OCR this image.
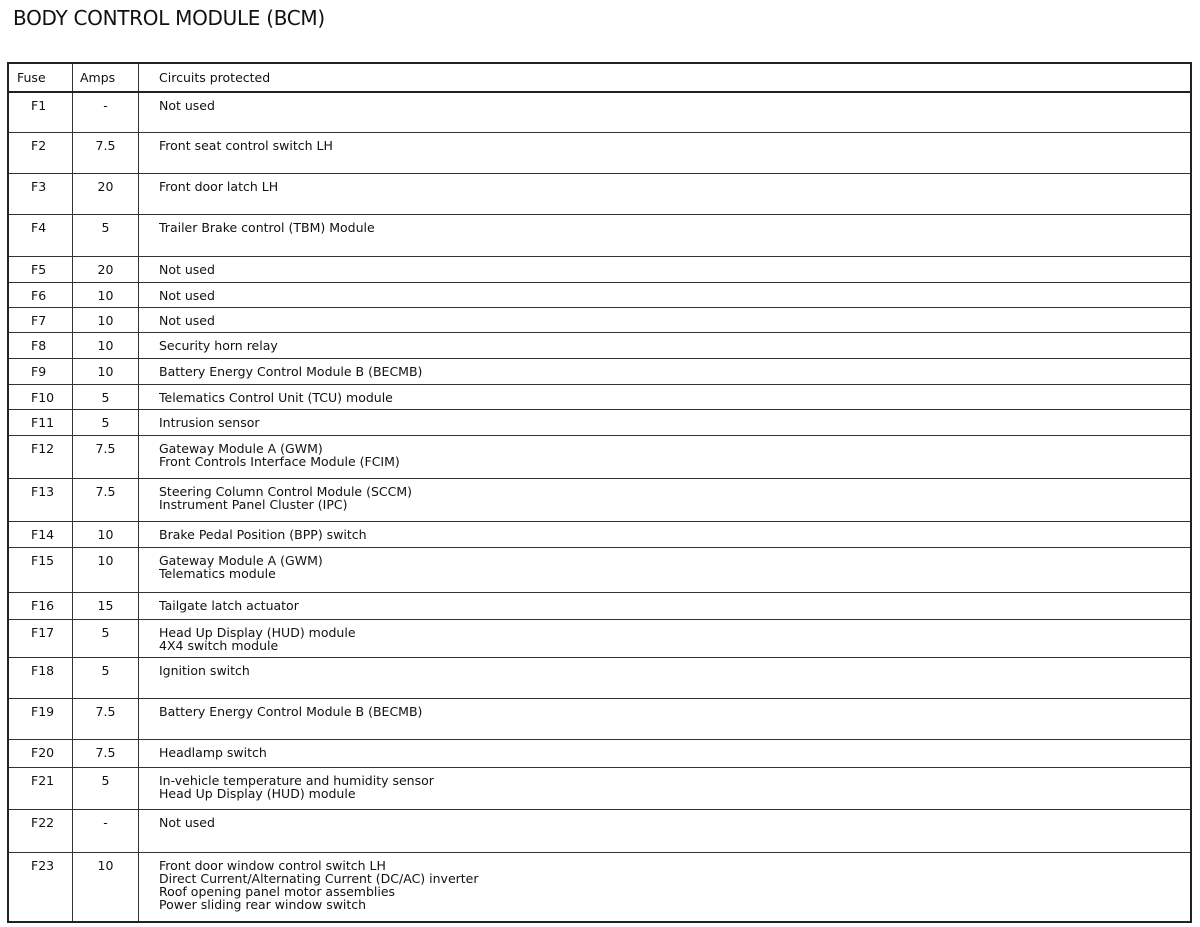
BODY CONTROL MODULE (BCM)
Fuse	Amps	Circuits protected

F1	-	Not used

F2	7.5	Front seat control switch LH

F3	20	Front door latch LH

F4	5	Trailer Brake control (TBM) Module

F5	20	Not used

F6	10	Not used

F7	10	Not used

F8	10	Security horn relay

F9	10	Battery Energy Control Module B (BECMB)

F10	5	Telematics Control Unit (TCU) module

F11	5	Intrusion sensor

F12	7.5	Gateway Module A (GWM)
Front Controls Interface Module (FCIM)

F13	7.5	Steering Column Control Module (SCCM)
Instrument Panel Cluster (IPC)

F14	10	Brake Pedal Position (BPP) switch

F15	10	Gateway Module A (GWM)
Telematics module

F16	15	Tailgate latch actuator

F17	5	Head Up Display (HUD) module
4X4 switch module

F18	5	Ignition switch

F19	7.5	Battery Energy Control Module B (BECMB)

F20	7.5	Headlamp switch

F21	5	In-vehicle temperature and humidity sensor
Head Up Display (HUD) module

F22	-	Not used

F23	10	Front door window control switch LH
Direct Current/Alternating Current (DC/AC) inverter
Roof opening panel motor assemblies
Power sliding rear window switch
